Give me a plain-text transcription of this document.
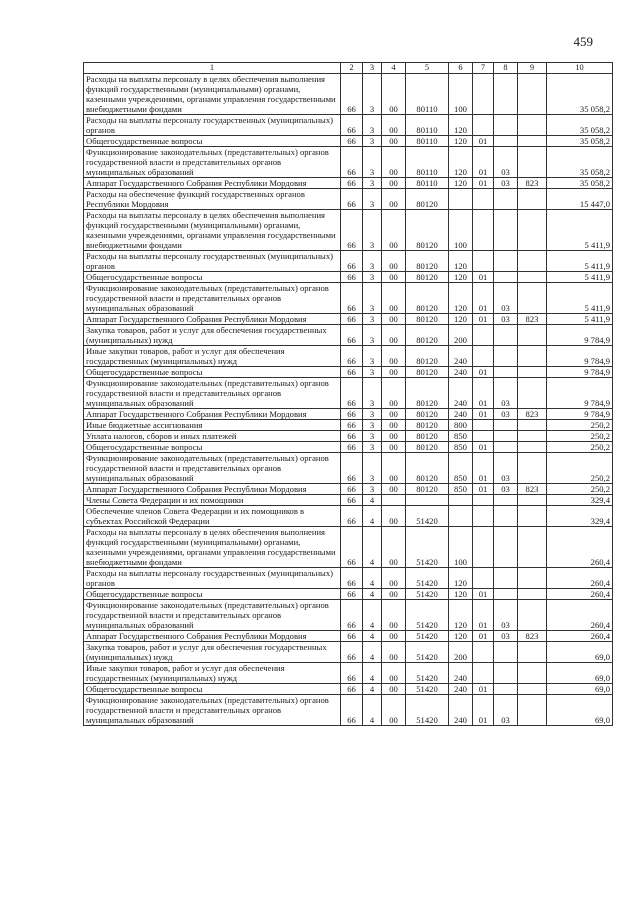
459
1	2	3	4	5	6	7	8	9	10
Расходы на выплаты персоналу в целях обеспечения выполнения функций государственными (муниципальными) органами, казенными учреждениями, органами управления государственными внебюджетными фондами	66	3	00	80110	100				35 058,2
Расходы на выплаты персоналу государственных (муниципальных) органов	66	3	00	80110	120				35 058,2
Общегосударственные вопросы	66	3	00	80110	120	01			35 058,2
Функционирование законодательных (представительных) органов государственной власти и представительных органов муниципальных образований	66	3	00	80110	120	01	03		35 058,2
Аппарат Государственного Собрания Республики Мордовия	66	3	00	80110	120	01	03	823	35 058,2
Расходы на обеспечение функций государственных органов Республики Мордовия	66	3	00	80120					15 447,0
Расходы на выплаты персоналу в целях обеспечения выполнения функций государственными (муниципальными) органами, казенными учреждениями, органами управления государственными внебюджетными фондами	66	3	00	80120	100				5 411,9
Расходы на выплаты персоналу государственных (муниципальных) органов	66	3	00	80120	120				5 411,9
Общегосударственные вопросы	66	3	00	80120	120	01			5 411,9
Функционирование законодательных (представительных) органов государственной власти и представительных органов муниципальных образований	66	3	00	80120	120	01	03		5 411,9
Аппарат Государственного Собрания Республики Мордовия	66	3	00	80120	120	01	03	823	5 411,9
Закупка товаров, работ и услуг для обеспечения государственных (муниципальных) нужд	66	3	00	80120	200				9 784,9
Иные закупки товаров, работ и услуг для обеспечения государственных (муниципальных) нужд	66	3	00	80120	240				9 784,9
Общегосударственные вопросы	66	3	00	80120	240	01			9 784,9
Функционирование законодательных (представительных) органов государственной власти и представительных органов муниципальных образований	66	3	00	80120	240	01	03		9 784,9
Аппарат Государственного Собрания Республики Мордовия	66	3	00	80120	240	01	03	823	9 784,9
Иные бюджетные ассигнования	66	3	00	80120	800				250,2
Уплата налогов, сборов и иных платежей	66	3	00	80120	850				250,2
Общегосударственные вопросы	66	3	00	80120	850	01			250,2
Функционирование законодательных (представительных) органов государственной власти и представительных органов муниципальных образований	66	3	00	80120	850	01	03		250,2
Аппарат Государственного Собрания Республики Мордовия	66	3	00	80120	850	01	03	823	250,2
Члены Совета Федерации и их помощники	66	4							329,4
Обеспечение членов Совета Федерации и их помощников в субъектах Российской Федерации	66	4	00	51420					329,4
Расходы на выплаты персоналу в целях обеспечения выполнения функций государственными (муниципальными) органами, казенными учреждениями, органами управления государственными внебюджетными фондами	66	4	00	51420	100				260,4
Расходы на выплаты персоналу государственных (муниципальных) органов	66	4	00	51420	120				260,4
Общегосударственные вопросы	66	4	00	51420	120	01			260,4
Функционирование законодательных (представительных) органов государственной власти и представительных органов муниципальных образований	66	4	00	51420	120	01	03		260,4
Аппарат Государственного Собрания Республики Мордовия	66	4	00	51420	120	01	03	823	260,4
Закупка товаров, работ и услуг для обеспечения государственных (муниципальных) нужд	66	4	00	51420	200				69,0
Иные закупки товаров, работ и услуг для обеспечения государственных (муниципальных) нужд	66	4	00	51420	240				69,0
Общегосударственные вопросы	66	4	00	51420	240	01			69,0
Функционирование законодательных (представительных) органов государственной власти и представительных органов муниципальных образований	66	4	00	51420	240	01	03		69,0
